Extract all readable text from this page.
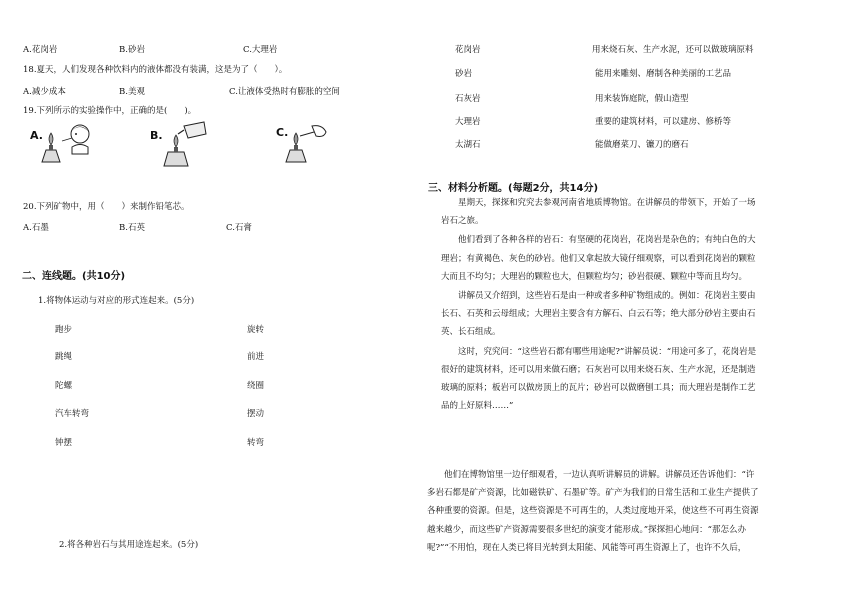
A.花岗岩	B.砂岩	C.大理岩
18.夏天，人们发现各种饮料内的液体都没有装满，这是为了（　　）。
A.减少成本	B.美观	C.让液体受热时有膨胀的空间
19.下列所示的实验操作中，正确的是(　　)。
A.	B.	C.
20.下列矿物中，用（　　）来制作铅笔芯。
A.石墨	B.石英	C.石膏
二、连线题。(共10分)
1.将物体运动与对应的形式连起来。(5分)
跑步
跳绳
陀螺
汽车转弯
钟摆
旋转
前进
绕圈
摆动
转弯
2.将各种岩石与其用途连起来。(5分)
花岗岩	用来烧石灰、生产水泥，还可以做玻璃原料
砂岩	能用来雕刻、磨制各种美丽的工艺品
石灰岩	用来装饰庭院，假山造型
大理岩	重要的建筑材料，可以建房、修桥等
太湖石	能做磨菜刀、镰刀的磨石
三、材料分析题。(每题2分，共14分)

星期天，探探和究究去参观河南省地质博物馆。在讲解员的带领下，开始了一场岩石之旅。

他们看到了各种各样的岩石：有坚硬的花岗岩，花岗岩是杂色的；有纯白色的大理岩；有黄褐色、灰色的砂岩。他们又拿起放大镜仔细观察，可以看到花岗岩的颗粒大而且不均匀；大理岩的颗粒也大，但颗粒均匀；砂岩很硬、颗粒中等而且均匀。

讲解员又介绍到，这些岩石是由一种或者多种矿物组成的。例如：花岗岩主要由长石、石英和云母组成；大理岩主要含有方解石、白云石等；绝大部分砂岩主要由石英、长石组成。

这时，究究问：“这些岩石都有哪些用途呢?”讲解员说：“用途可多了，花岗岩是很好的建筑材料，还可以用来做石磨；石灰岩可以用来烧石灰、生产水泥，还是制造玻璃的原料；板岩可以做房顶上的瓦片；砂岩可以做磨刨工具；而大理岩是制作工艺品的上好原料……”

他们在博物馆里一边仔细观看，一边认真听讲解员的讲解。讲解员还告诉他们：“许多岩石都是矿产资源，比如磁铁矿、石墨矿等。矿产为我们的日常生活和工业生产提供了各种重要的资源。但是，这些资源是不可再生的，人类过度地开采，使这些不可再生资源越来越少，而这些矿产资源需要很多世纪的演变才能形成。”探探担心地问：“那怎么办呢?”“不用怕，现在人类已将目光转到太阳能、风能等可再生资源上了，也许不久后，
